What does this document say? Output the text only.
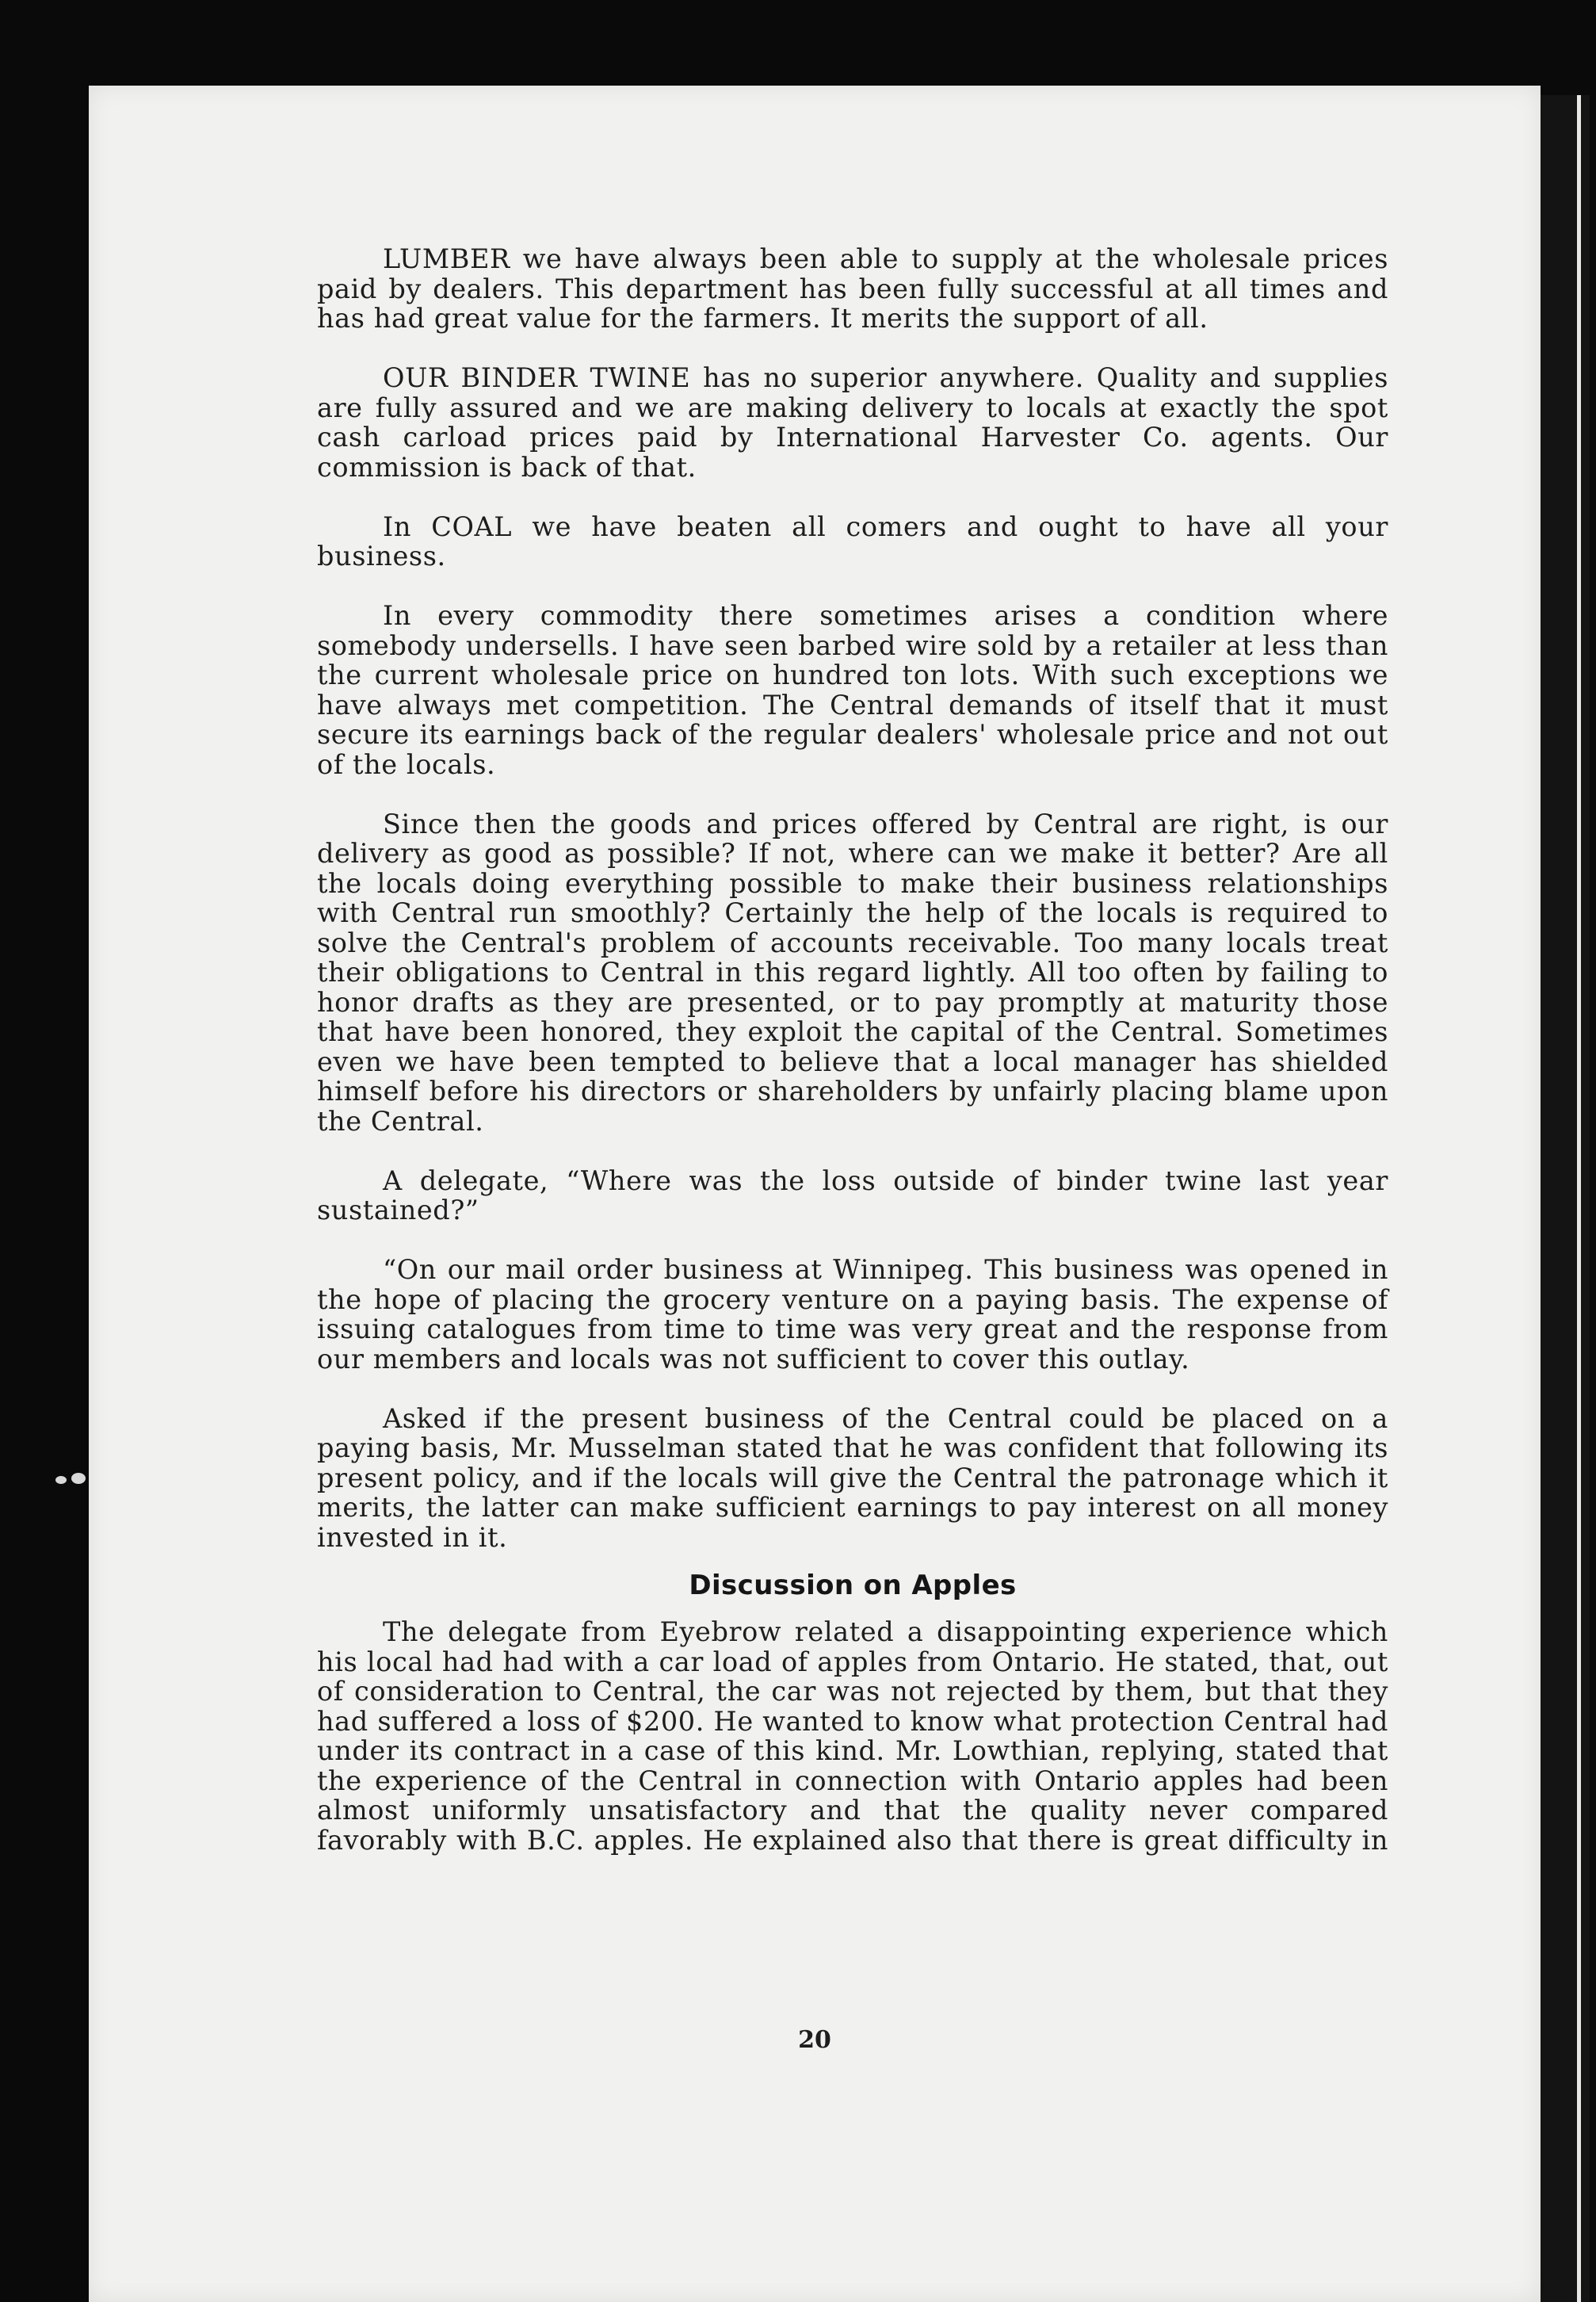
LUMBER we have always been able to supply at the wholesale prices paid by dealers. This department has been fully successful at all times and has had great value for the farmers. It merits the support of all.

OUR BINDER TWINE has no superior anywhere. Quality and supplies are fully assured and we are making delivery to locals at exactly the spot cash carload prices paid by International Harvester Co. agents. Our commission is back of that.

In COAL we have beaten all comers and ought to have all your business.

In every commodity there sometimes arises a condition where somebody undersells. I have seen barbed wire sold by a retailer at less than the current wholesale price on hundred ton lots. With such exceptions we have always met competition. The Central demands of itself that it must secure its earnings back of the regular dealers' wholesale price and not out of the locals.

Since then the goods and prices offered by Central are right, is our delivery as good as possible? If not, where can we make it better? Are all the locals doing everything possible to make their business relationships with Central run smoothly? Certainly the help of the locals is required to solve the Central's problem of accounts receivable. Too many locals treat their obligations to Central in this regard lightly. All too often by failing to honor drafts as they are presented, or to pay promptly at maturity those that have been honored, they exploit the capital of the Central. Sometimes even we have been tempted to believe that a local manager has shielded himself before his directors or shareholders by unfairly placing blame upon the Central.

A delegate, “Where was the loss outside of binder twine last year sustained?”

“On our mail order business at Winnipeg. This business was opened in the hope of placing the grocery venture on a paying basis. The expense of issuing catalogues from time to time was very great and the response from our members and locals was not sufficient to cover this outlay.

Asked if the present business of the Central could be placed on a paying basis, Mr. Musselman stated that he was confident that following its present policy, and if the locals will give the Central the patronage which it merits, the latter can make sufficient earnings to pay interest on all money invested in it.

Discussion on Apples

The delegate from Eyebrow related a disappointing experience which his local had had with a car load of apples from Ontario. He stated, that, out of consideration to Central, the car was not rejected by them, but that they had suffered a loss of $200. He wanted to know what protection Central had under its contract in a case of this kind. Mr. Lowthian, replying, stated that the experience of the Central in connection with Ontario apples had been almost uniformly unsatisfactory and that the quality never compared favorably with B.C. apples. He explained also that there is great difficulty in

20
